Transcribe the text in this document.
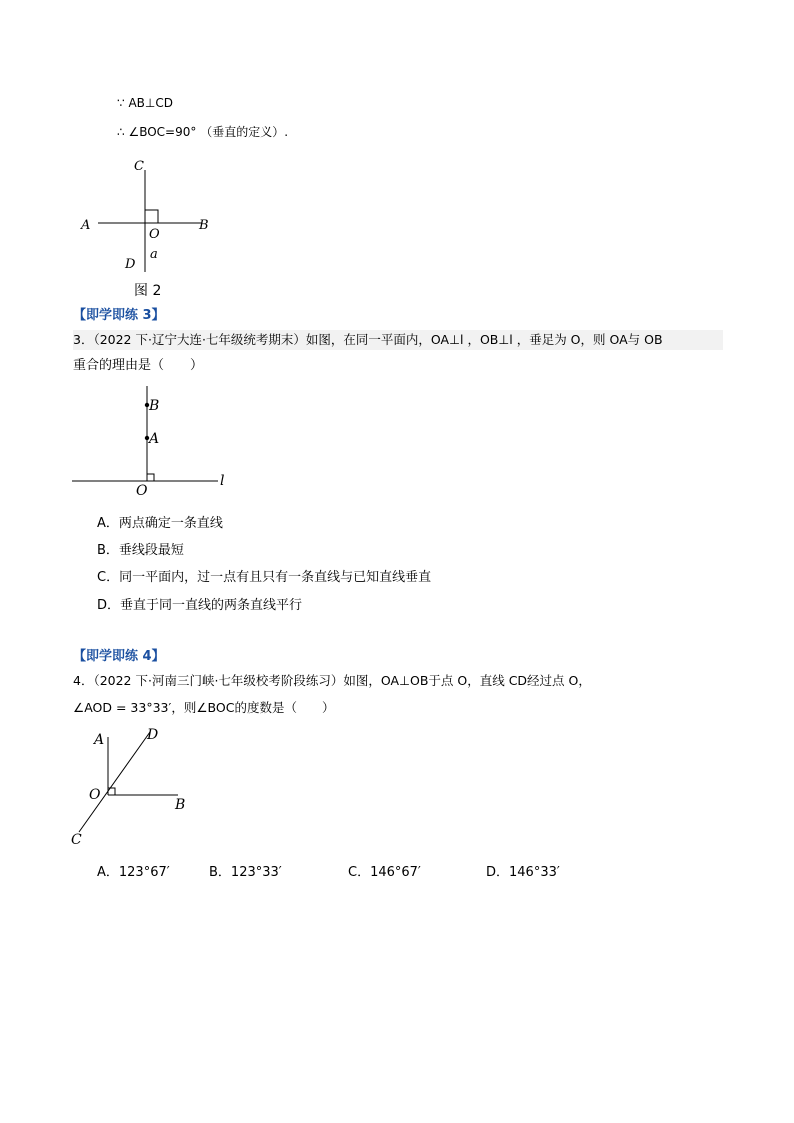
∵ AB⊥CD
∴ ∠BOC=90° （垂直的定义）.
C
A	B
O
D
a
图 2
【即学即练 3】
3．（2022 下·辽宁大连·七年级统考期末）如图，在同一平面内，OA⊥l ，OB⊥l ，垂足为 O，则 OA与 OB
重合的理由是（　　）
B
A
O
l
A．两点确定一条直线
B．垂线段最短
C．同一平面内，过一点有且只有一条直线与已知直线垂直
D．垂直于同一直线的两条直线平行
【即学即练 4】
4．（2022 下·河南三门峡·七年级校考阶段练习）如图，OA⊥OB于点 O，直线 CD经过点 O，
∠AOD = 33°33′，则∠BOC的度数是（　　）
A	D
O
B
C
A．123°67′	B．123°33′	C．146°67′	D．146°33′
